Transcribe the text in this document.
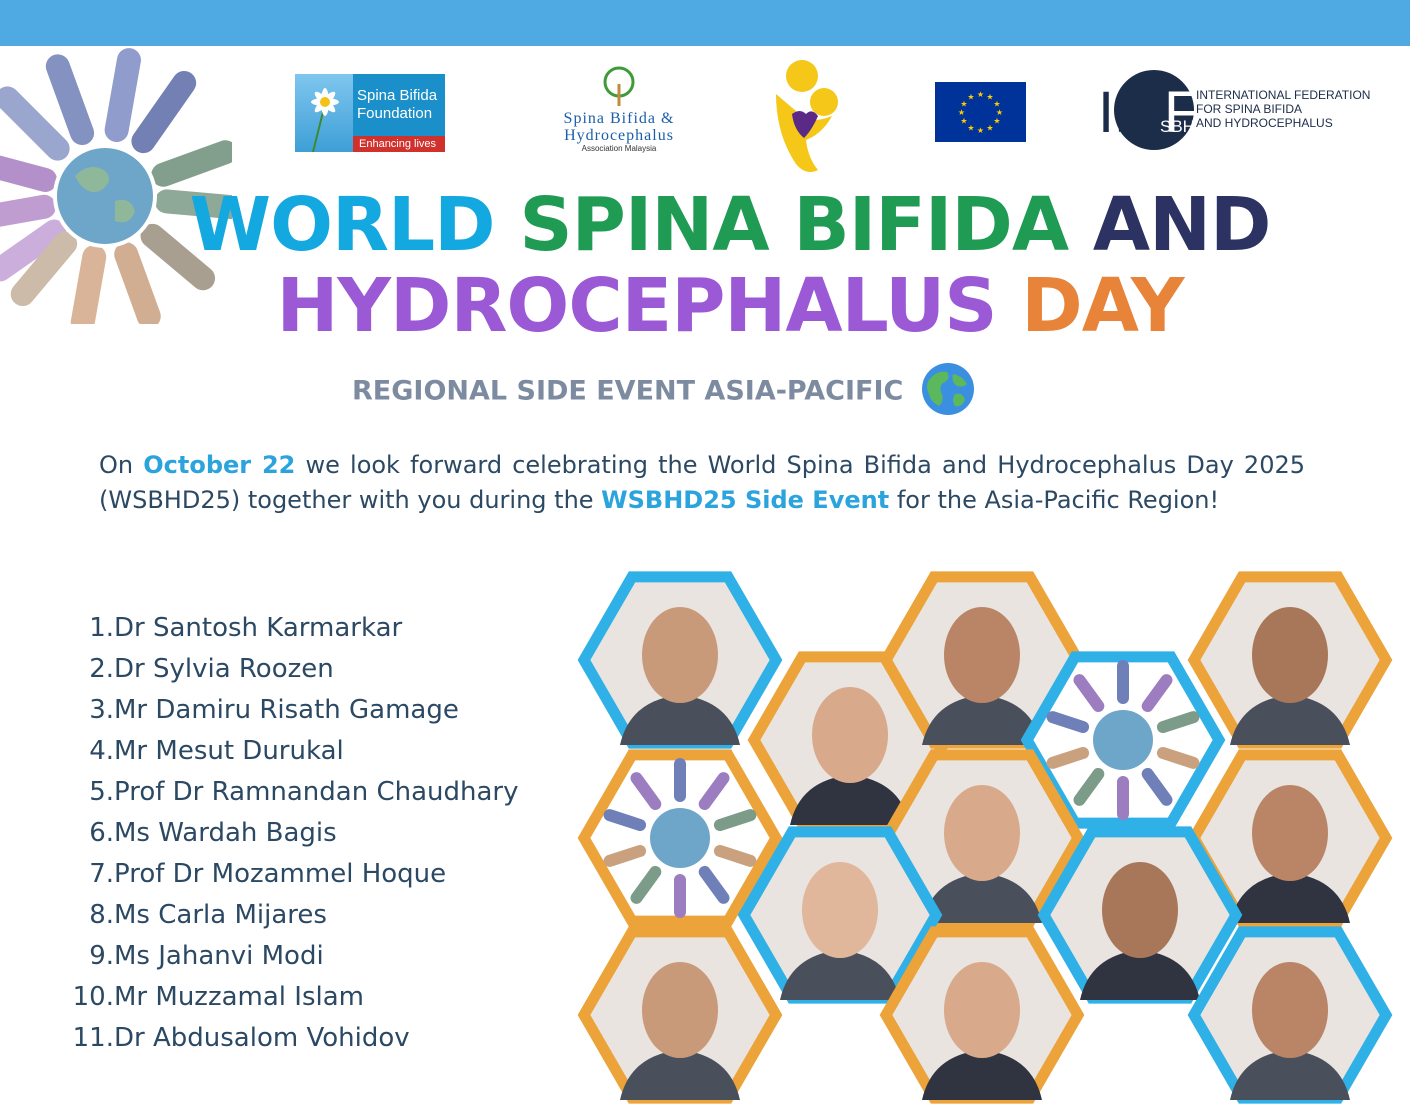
Spina Bifida
Foundation
Enhancing lives
Spina Bifida &
Hydrocephalus
Association Malaysia
★ ★
★
★
★
★
★
★
★
★
★
★ IF F
SBH
INTERNATIONAL FEDERATION
FOR SPINA BIFIDA
AND HYDROCEPHALUS
WORLD SPINA BIFIDA AND
HYDROCEPHALUS DAY
REGIONAL SIDE EVENT ASIA-PACIFIC
On October 22 we look forward celebrating the World Spina Bifida and Hydrocephalus Day 2025 (WSBHD25) together with you during the WSBHD25 Side Event for the Asia-Pacific Region!
1.Dr Santosh Karmarkar
2.Dr Sylvia Roozen
3.Mr Damiru Risath Gamage
4.Mr Mesut Durukal
5.Prof Dr Ramnandan Chaudhary
6.Ms Wardah Bagis
7.Prof Dr Mozammel Hoque
8.Ms Carla Mijares
9.Ms Jahanvi Modi
10.Mr Muzzamal Islam
11.Dr Abdusalom Vohidov
